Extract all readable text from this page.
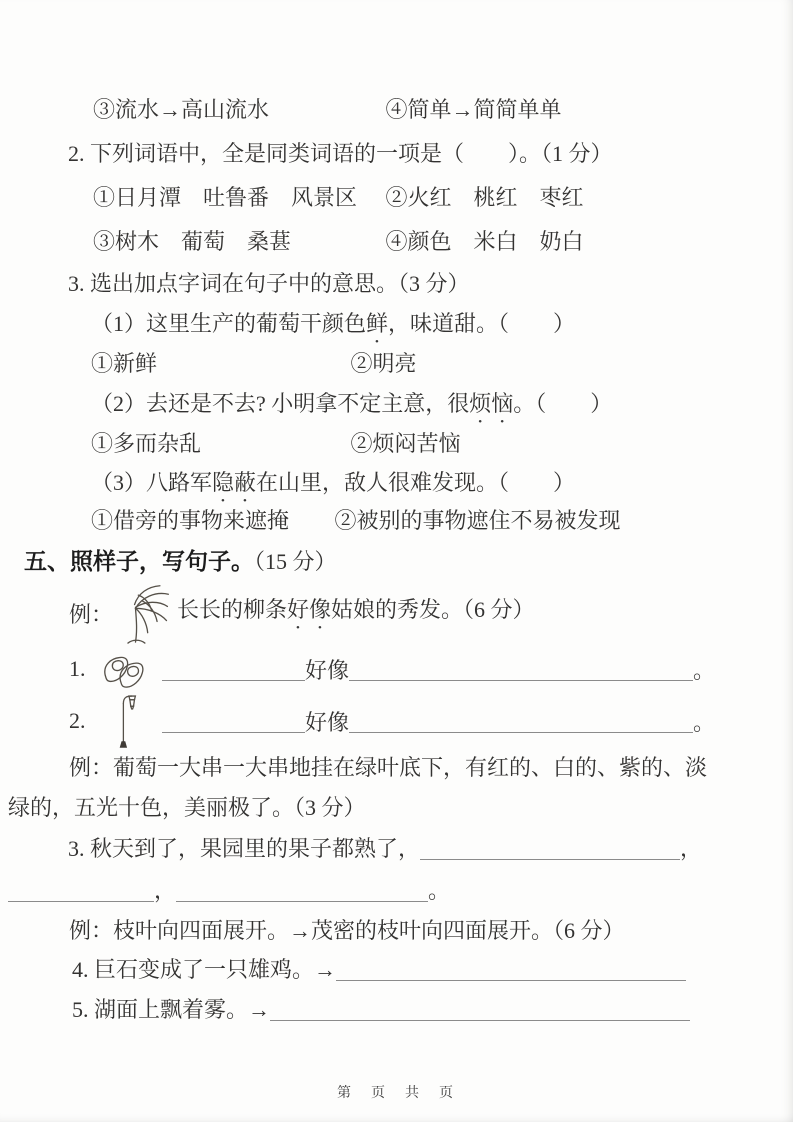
③流水→高山流水	④简单→简简单单
2. 下列词语中，全是同类词语的一项是（　　）。（1 分）
①日月潭　吐鲁番　风景区 ②火红　桃红　枣红
③树木　葡萄　桑葚	④颜色　米白　奶白
3. 选出加点字词在句子中的意思。（3 分）
（1）这里生产的葡萄干颜色鲜，味道甜。（　　）
①新鲜	②明亮
（2）去还是不去? 小明拿不定主意，很烦恼。（　　）
①多而杂乱	②烦闷苦恼
（3）八路军隐蔽在山里，敌人很难发现。（　　）
①借旁的事物来遮掩 ②被别的事物遮住不易被发现
五、照样子，写句子。（15 分）
例：	长长的柳条好像姑娘的秀发。（6 分）
1.	好像	。
2.	好像	。
例：葡萄一大串一大串地挂在绿叶底下，有红的、白的、紫的、淡
绿的，五光十色，美丽极了。（3 分）
3. 秋天到了，果园里的果子都熟了，	，
，	。
例：枝叶向四面展开。→茂密的枝叶向四面展开。（6 分）
4. 巨石变成了一只雄鸡。→
5. 湖面上飘着雾。→
第　页　共　页
